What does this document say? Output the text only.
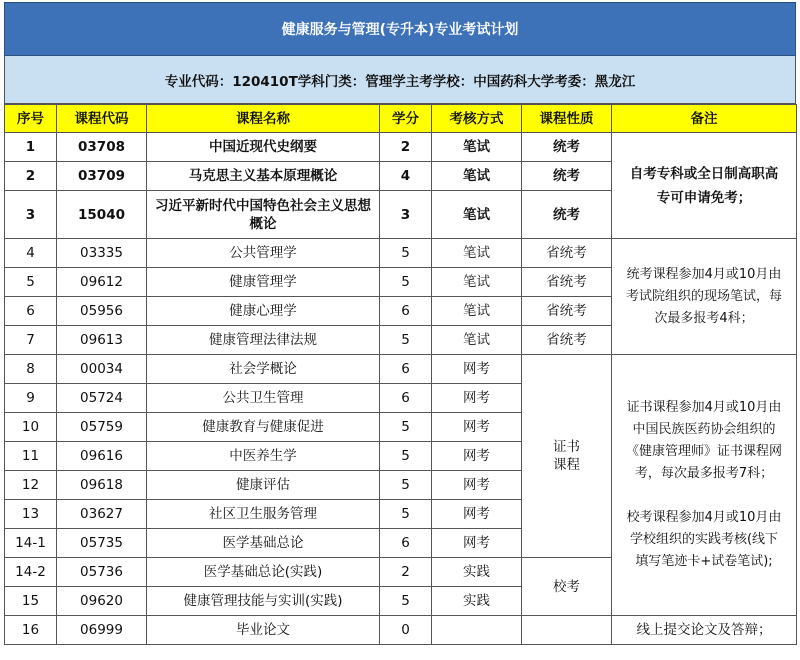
健康服务与管理(专升本)专业考试计划
专业代码：120410T学科门类：管理学主考学校：中国药科大学考委：黑龙江
序号	课程代码	课程名称	学分	考核方式	课程性质	备注
1	03708	中国近现代史纲要	2	笔试	统考	自考专科或全日制高职高专可申请免考；
2	03709	马克思主义基本原理概论	4	笔试	统考	
3	15040	习近平新时代中国特色社会主义思想概论	3	笔试	统考	
4	03335	公共管理学	5	笔试	省统考	统考课程参加4月或10月由考试院组织的现场笔试，每次最多报考4科；
5	09612	健康管理学	5	笔试	省统考	
6	05956	健康心理学	6	笔试	省统考	
7	09613	健康管理法律法规	5	笔试	省统考	
8	00034	社会学概论	6	网考	证书课程	证书课程参加4月或10月由中国民族医药协会组织的《健康管理师》证书课程网考，每次最多报考7科；
校考课程参加4月或10月由学校组织的实践考核(线下填写笔迹卡+试卷笔试);

9	05724	公共卫生管理	6	网考		
10	05759	健康教育与健康促进	5	网考		
11	09616	中医养生学	5	网考		
12	09618	健康评估	5	网考		
13	03627	社区卫生服务管理	5	网考		
14-1	05735	医学基础总论	6	网考		
14-2	05736	医学基础总论(实践)	2	实践	校考	
15	09620	健康管理技能与实训(实践)	5	实践		
16	06999	毕业论文	0			线上提交论文及答辩；
